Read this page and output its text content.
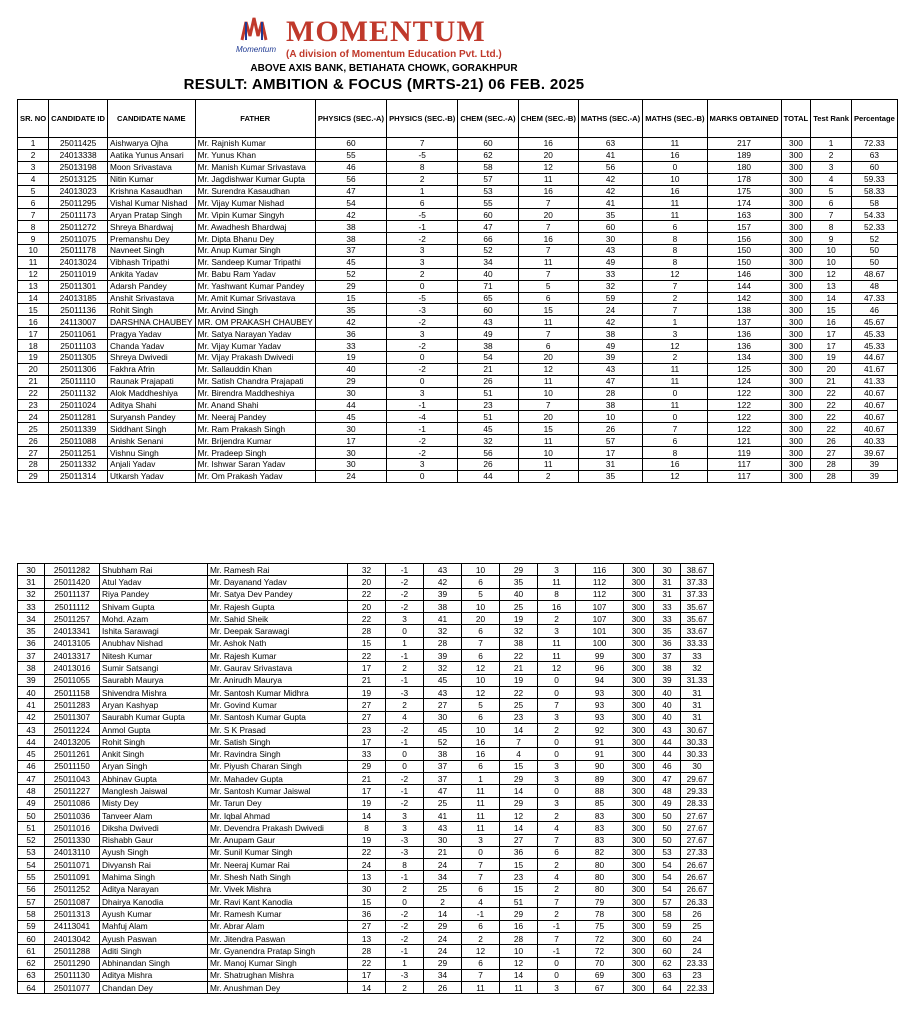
Momentum
MOMENTUM
(A division of Momentum Education Pvt. Ltd.)
ABOVE AXIS BANK, BETIAHATA CHOWK, GORAKHPUR
RESULT: AMBITION & FOCUS (MRTS-21) 06 FEB. 2025
SR. NO	CANDIDATE ID	CANDIDATE NAME	FATHER	PHYSICS (SEC.-A)	PHYSICS (SEC.-B)	CHEM (SEC.-A)	CHEM (SEC.-B)	MATHS (SEC.-A)	MATHS (SEC.-B)	MARKS OBTAINED	TOTAL	Test Rank	Percentage
1	25011425	Aishwarya Ojha	Mr. Rajnish Kumar	60	7	60	16	63	11	217	300	1	72.33
2	24013338	Aatika Yunus Ansari	Mr. Yunus Khan	55	-5	62	20	41	16	189	300	2	63
3	25013198	Moon Srivastava	Mr. Manish Kumar Srivastava	46	8	58	12	56	0	180	300	3	60
4	25013125	Nitin Kumar	Mr. Jagdishwar Kumar Gupta	56	2	57	11	42	10	178	300	4	59.33
5	24013023	Krishna Kasaudhan	Mr. Surendra Kasaudhan	47	1	53	16	42	16	175	300	5	58.33
6	25011295	Vishal Kumar Nishad	Mr. Vijay Kumar Nishad	54	6	55	7	41	11	174	300	6	58
7	25011173	Aryan Pratap Singh	Mr. Vipin Kumar Singyh	42	-5	60	20	35	11	163	300	7	54.33
8	25011272	Shreya Bhardwaj	Mr. Awadhesh Bhardwaj	38	-1	47	7	60	6	157	300	8	52.33
9	25011075	Premanshu Dey	Mr. Dipta Bhanu Dey	38	-2	66	16	30	8	156	300	9	52
10	25011178	Navneet Singh	Mr. Anup Kumar Singh	37	3	52	7	43	8	150	300	10	50
11	24013024	Vibhash Tripathi	Mr. Sandeep Kumar Tripathi	45	3	34	11	49	8	150	300	10	50
12	25011019	Ankita Yadav	Mr. Babu Ram Yadav	52	2	40	7	33	12	146	300	12	48.67
13	25011301	Adarsh Pandey	Mr. Yashwant Kumar Pandey	29	0	71	5	32	7	144	300	13	48
14	24013185	Anshit Srivastava	Mr. Amit Kumar Srivastava	15	-5	65	6	59	2	142	300	14	47.33
15	25011136	Rohit Singh	Mr. Arvind Singh	35	-3	60	15	24	7	138	300	15	46
16	24113007	DARSHNA CHAUBEY	MR. OM PRAKASH CHAUBEY	42	-2	43	11	42	1	137	300	16	45.67
17	25011061	Pragya Yadav	Mr. Satya Narayan Yadav	36	3	49	7	38	3	136	300	17	45.33
18	25011103	Chanda Yadav	Mr. Vijay Kumar Yadav	33	-2	38	6	49	12	136	300	17	45.33
19	25011305	Shreya Dwivedi	Mr. Vijay Prakash Dwivedi	19	0	54	20	39	2	134	300	19	44.67
20	25011306	Fakhra Afrin	Mr. Sallauddin Khan	40	-2	21	12	43	11	125	300	20	41.67
21	25011110	Raunak Prajapati	Mr. Satish Chandra Prajapati	29	0	26	11	47	11	124	300	21	41.33
22	25011132	Alok Maddheshiya	Mr. Birendra Maddheshiya	30	3	51	10	28	0	122	300	22	40.67
23	25011024	Aditya Shahi	Mr. Anand Shahi	44	-1	23	7	38	11	122	300	22	40.67
24	25011281	Suryansh Pandey	Mr. Neeraj Pandey	45	-4	51	20	10	0	122	300	22	40.67
25	25011339	Siddhant Singh	Mr. Ram Prakash Singh	30	-1	45	15	26	7	122	300	22	40.67
26	25011088	Anishk Senani	Mr. Brijendra Kumar	17	-2	32	11	57	6	121	300	26	40.33
27	25011251	Vishnu Singh	Mr. Pradeep Singh	30	-2	56	10	17	8	119	300	27	39.67
28	25011332	Anjali Yadav	Mr. Ishwar Saran Yadav	30	3	26	11	31	16	117	300	28	39
29	25011314	Utkarsh Yadav	Mr. Om Prakash Yadav	24	0	44	2	35	12	117	300	28	39
30	25011282	Shubham Rai	Mr. Ramesh Rai	32	-1	43	10	29	3	116	300	30	38.67
31	25011420	Atul Yadav	Mr. Dayanand Yadav	20	-2	42	6	35	11	112	300	31	37.33
32	25011137	Riya Pandey	Mr. Satya Dev Pandey	22	-2	39	5	40	8	112	300	31	37.33
33	25011112	Shivam Gupta	Mr. Rajesh Gupta	20	-2	38	10	25	16	107	300	33	35.67
34	25011257	Mohd. Azam	Mr. Sahid Sheik	22	3	41	20	19	2	107	300	33	35.67
35	24013341	Ishita Sarawagi	Mr. Deepak Sarawagi	28	0	32	6	32	3	101	300	35	33.67
36	24013105	Anubhav Nishad	Mr. Ashok Nath	15	1	28	7	38	11	100	300	36	33.33
37	24013317	Nitesh Kumar	Mr. Rajesh Kumar	22	-1	39	6	22	11	99	300	37	33
38	24013016	Sumir Satsangi	Mr. Gaurav Srivastava	17	2	32	12	21	12	96	300	38	32
39	25011055	Saurabh Maurya	Mr. Anirudh Maurya	21	-1	45	10	19	0	94	300	39	31.33
40	25011158	Shivendra Mishra	Mr. Santosh Kumar Midhra	19	-3	43	12	22	0	93	300	40	31
41	25011283	Aryan Kashyap	Mr. Govind Kumar	27	2	27	5	25	7	93	300	40	31
42	25011307	Saurabh Kumar Gupta	Mr. Santosh Kumar Gupta	27	4	30	6	23	3	93	300	40	31
43	25011224	Anmol Gupta	Mr. S K Prasad	23	-2	45	10	14	2	92	300	43	30.67
44	24013205	Rohit Singh	Mr. Satish Singh	17	-1	52	16	7	0	91	300	44	30.33
45	25011261	Ankit Singh	Mr. Ravindra Singh	33	0	38	16	4	0	91	300	44	30.33
46	25011150	Aryan Singh	Mr. Piyush Charan Singh	29	0	37	6	15	3	90	300	46	30
47	25011043	Abhinav Gupta	Mr. Mahadev Gupta	21	-2	37	1	29	3	89	300	47	29.67
48	25011227	Manglesh Jaiswal	Mr. Santosh Kumar Jaiswal	17	-1	47	11	14	0	88	300	48	29.33
49	25011086	Misty Dey	Mr. Tarun Dey	19	-2	25	11	29	3	85	300	49	28.33
50	25011036	Tanveer Alam	Mr. Iqbal Ahmad	14	3	41	11	12	2	83	300	50	27.67
51	25011016	Diksha Dwivedi	Mr. Devendra Prakash Dwivedi	8	3	43	11	14	4	83	300	50	27.67
52	25011330	Rishabh Gaur	Mr. Anupam Gaur	19	-3	30	3	27	7	83	300	50	27.67
53	24013110	Ayush Singh	Mr. Sunil Kumar Singh	22	-3	21	0	36	6	82	300	53	27.33
54	25011071	Divyansh Rai	Mr. Neeraj Kumar Rai	24	8	24	7	15	2	80	300	54	26.67
55	25011091	Mahima Singh	Mr. Shesh Nath Singh	13	-1	34	7	23	4	80	300	54	26.67
56	25011252	Aditya Narayan	Mr. Vivek Mishra	30	2	25	6	15	2	80	300	54	26.67
57	25011087	Dhairya Kanodia	Mr. Ravi Kant Kanodia	15	0	2	4	51	7	79	300	57	26.33
58	25011313	Ayush Kumar	Mr. Ramesh Kumar	36	-2	14	-1	29	2	78	300	58	26
59	24113041	Mahfuj Alam	Mr. Abrar Alam	27	-2	29	6	16	-1	75	300	59	25
60	24013042	Ayush Paswan	Mr. Jitendra Paswan	13	-2	24	2	28	7	72	300	60	24
61	25011288	Aditi Singh	Mr. Gyanendra Pratap Singh	28	-1	24	12	10	-1	72	300	60	24
62	25011290	Abhinandan Singh	Mr. Manoj Kumar Singh	22	1	29	6	12	0	70	300	62	23.33
63	25011130	Aditya Mishra	Mr. Shatrughan Mishra	17	-3	34	7	14	0	69	300	63	23
64	25011077	Chandan Dey	Mr. Anushman Dey	14	2	26	11	11	3	67	300	64	22.33
